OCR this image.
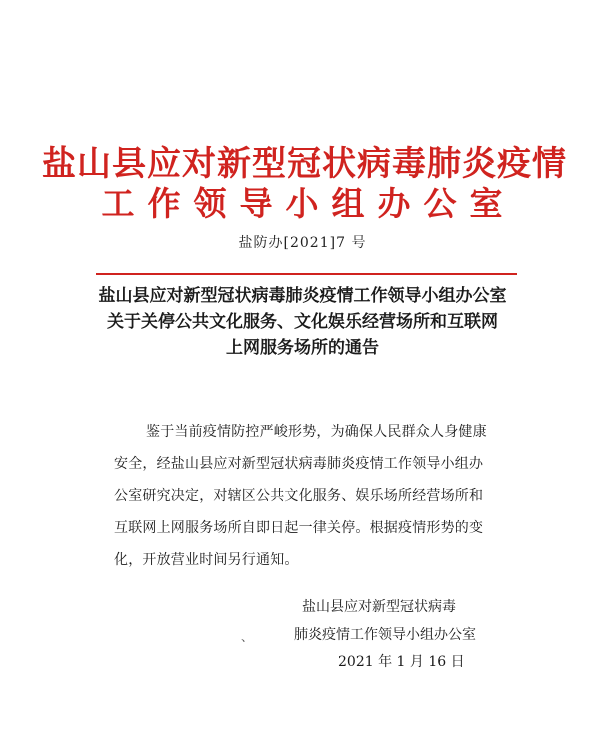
盐山县应对新型冠状病毒肺炎疫情
工作领导小组办公室
盐防办[2021]7 号
盐山县应对新型冠状病毒肺炎疫情工作领导小组办公室
关于关停公共文化服务、文化娱乐经营场所和互联网
上网服务场所的通告
鉴于当前疫情防控严峻形势，为确保人民群众人身健康
安全，经盐山县应对新型冠状病毒肺炎疫情工作领导小组办
公室研究决定，对辖区公共文化服务、娱乐场所经营场所和
互联网上网服务场所自即日起一律关停。根据疫情形势的变
化，开放营业时间另行通知。
、
盐山县应对新型冠状病毒
肺炎疫情工作领导小组办公室
2021 年 1 月 16 日
